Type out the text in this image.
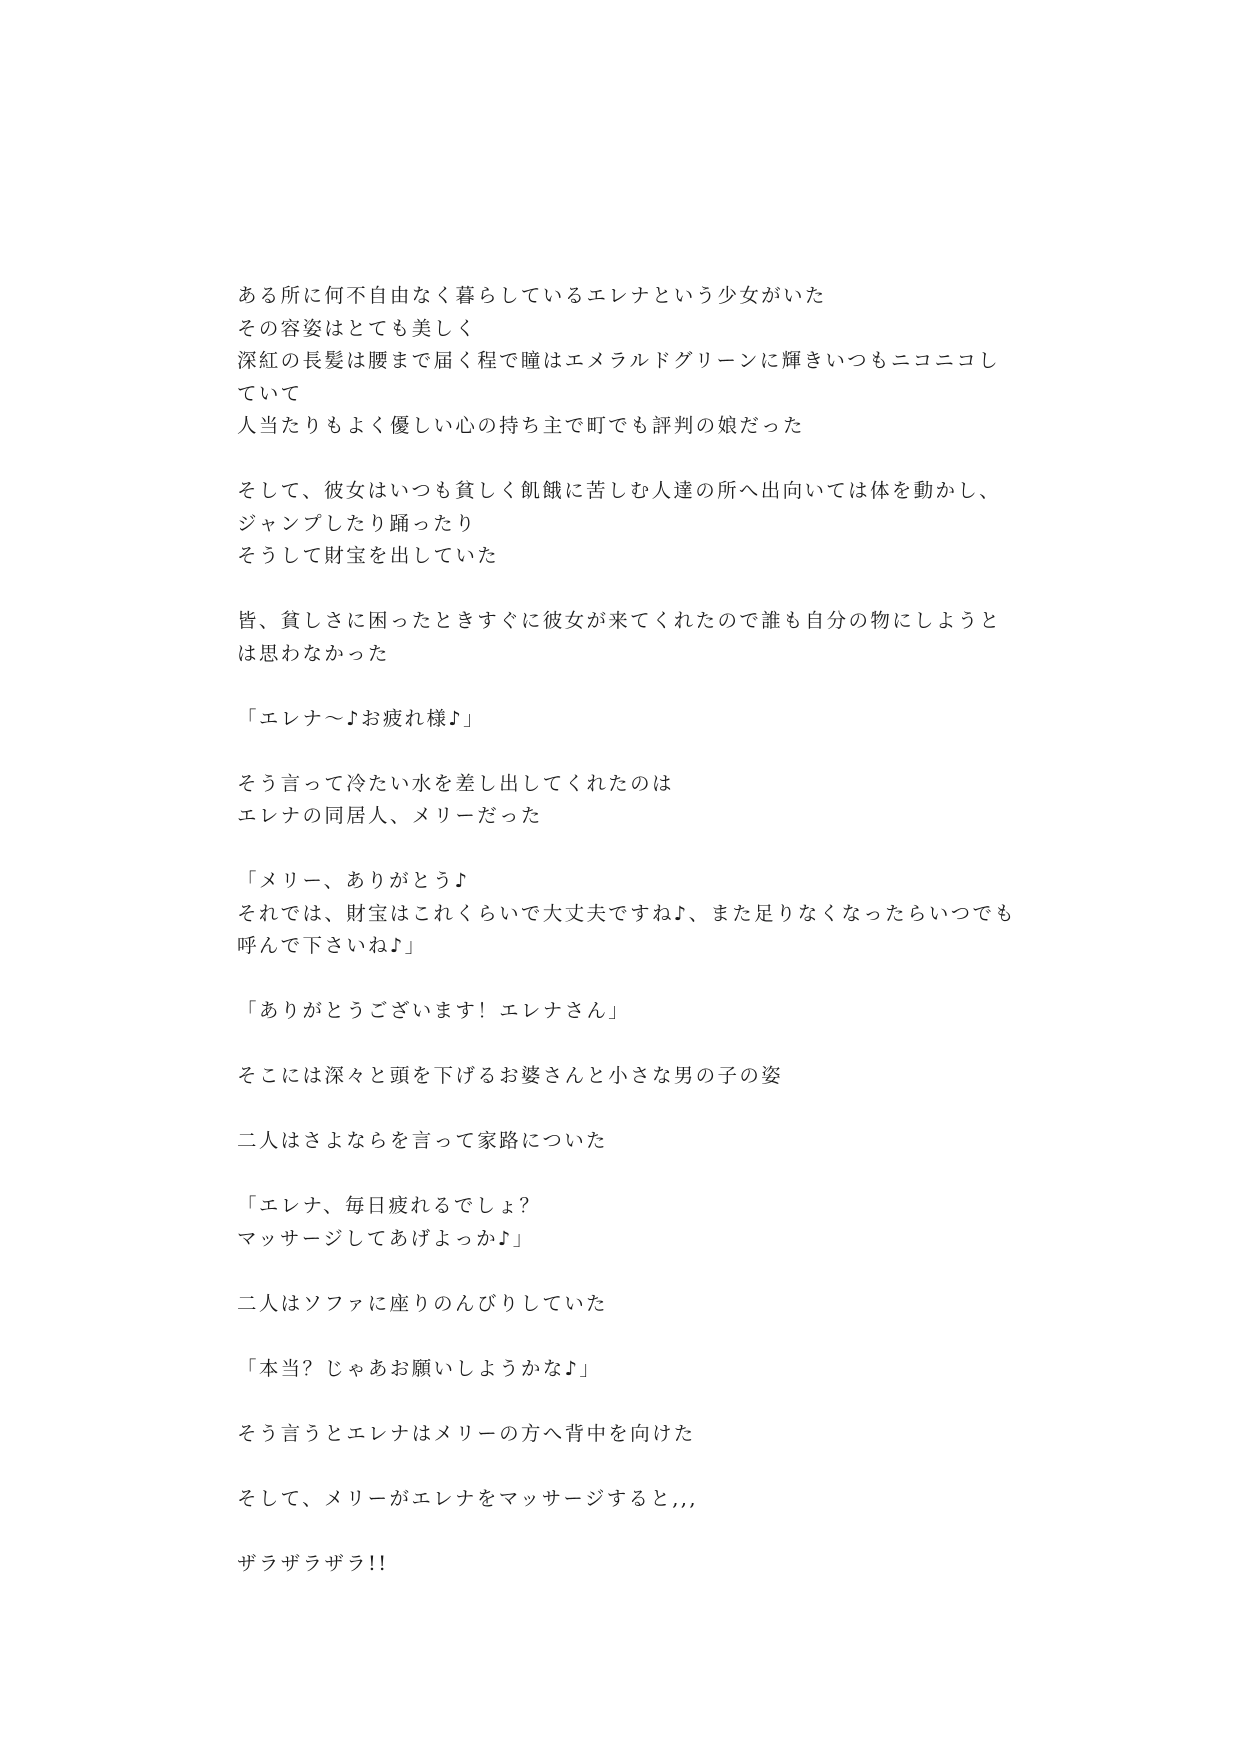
ある所に何不自由なく暮らしているエレナという少女がいた
その容姿はとても美しく
深紅の長髪は腰まで届く程で瞳はエメラルドグリーンに輝きいつもニコニコし
ていて
人当たりもよく優しい心の持ち主で町でも評判の娘だった
そして、彼女はいつも貧しく飢餓に苦しむ人達の所へ出向いては体を動かし、
ジャンプしたり踊ったり
そうして財宝を出していた
皆、貧しさに困ったときすぐに彼女が来てくれたので誰も自分の物にしようと
は思わなかった
「エレナ〜♪お疲れ様♪」
そう言って冷たい水を差し出してくれたのは
エレナの同居人、メリーだった
「メリー、ありがとう♪
それでは、財宝はこれくらいで大丈夫ですね♪、また足りなくなったらいつでも
呼んで下さいね♪」
「ありがとうございます！エレナさん」
そこには深々と頭を下げるお婆さんと小さな男の子の姿
二人はさよならを言って家路についた
「エレナ、毎日疲れるでしょ？
マッサージしてあげよっか♪」
二人はソファに座りのんびりしていた
「本当？じゃあお願いしようかな♪」
そう言うとエレナはメリーの方へ背中を向けた
そして、メリーがエレナをマッサージすると,,,
ザラザラザラ!!
